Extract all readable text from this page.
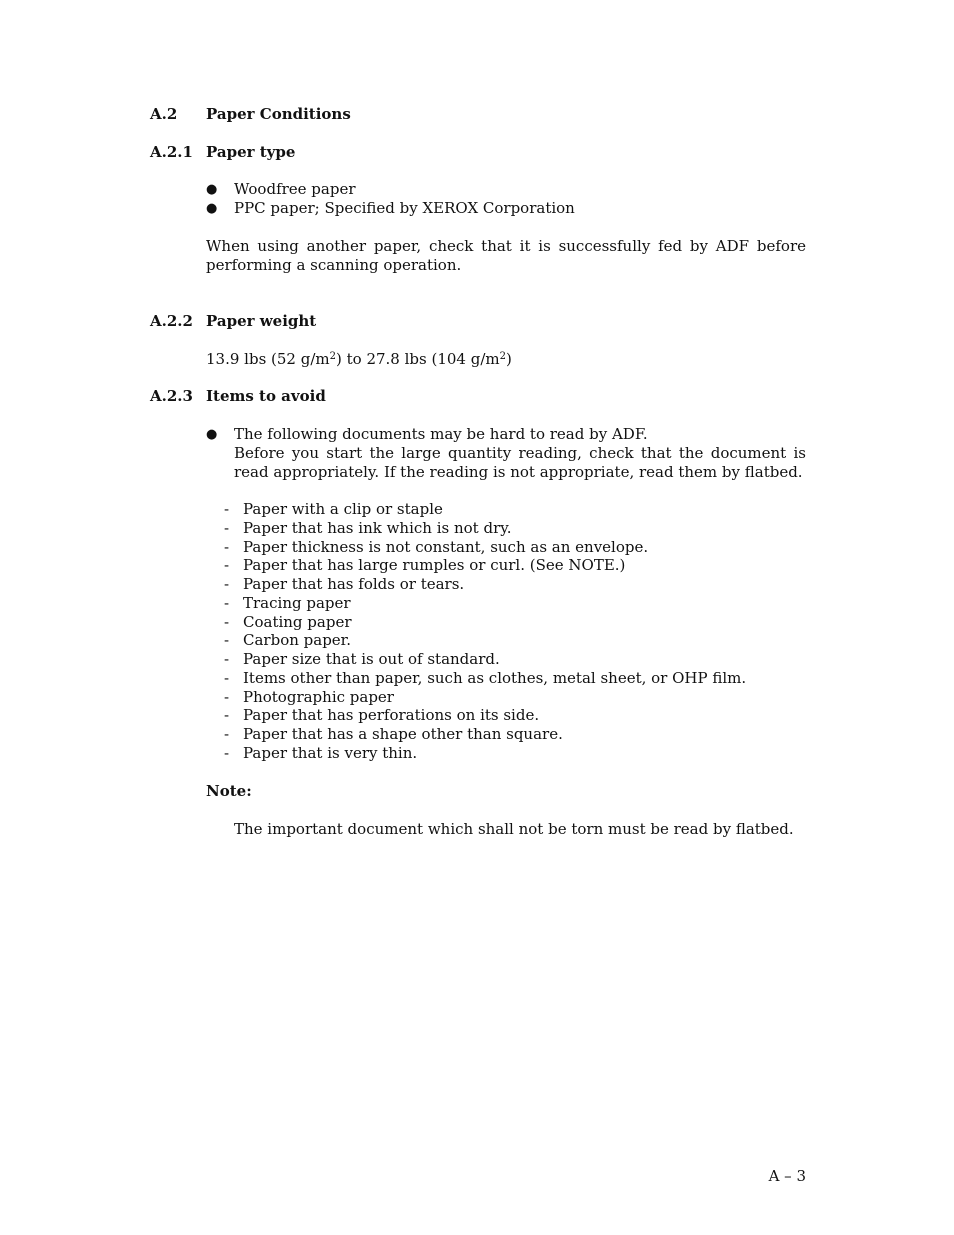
A.2 Paper Conditions
A.2.1 Paper type
● Woodfree paper
● PPC paper; Specified by XEROX Corporation
When using another paper, check that it is successfully fed by ADF before performing a scanning operation.
A.2.2 Paper weight
13.9 lbs (52 $g/m^2$) to 27.8 lbs (104 $g/m^2$)
A.2.3 Items to avoid
● The following documents may be hard to read by ADF.
Before you start the large quantity reading, check that the document is read appropriately. If the reading is not appropriate, read them by flatbed.
- Paper with a clip or staple
- Paper that has ink which is not dry.
- Paper thickness is not constant, such as an envelope.
- Paper that has large rumples or curl. (See NOTE.)
- Paper that has folds or tears.
- Tracing paper
- Coating paper
- Carbon paper.
- Paper size that is out of standard.
- Items other than paper, such as clothes, metal sheet, or OHP film.
- Photographic paper
- Paper that has perforations on its side.
- Paper that has a shape other than square.
- Paper that is very thin.
Note:
The important document which shall not be torn must be read by flatbed.
A – 3
